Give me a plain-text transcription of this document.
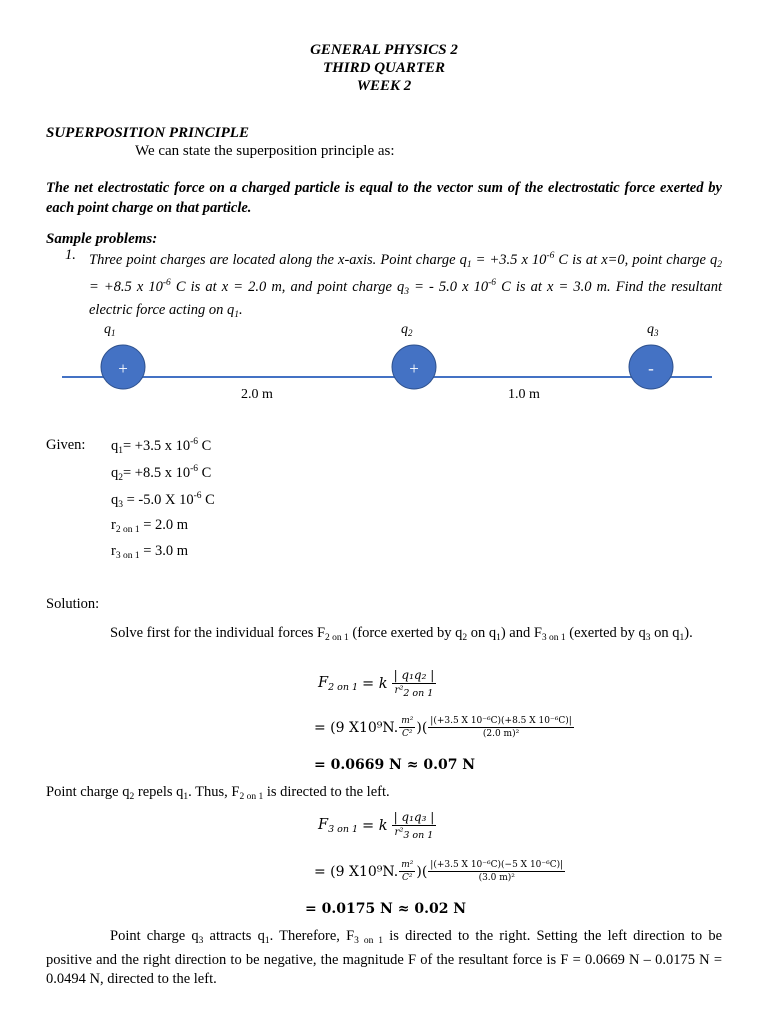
GENERAL PHYSICS 2
THIRD QUARTER
WEEK 2
SUPERPOSITION PRINCIPLE
We can state the superposition principle as:
The net electrostatic force on a charged particle is equal to the vector sum of the electrostatic force exerted by each point charge on that particle.
Sample problems:
1. Three point charges are located along the x-axis. Point charge $q_1 = +3.5$ x $10^{-6}$ C is at x=0, point charge $q_2 = +8.5$ x $10^{-6}$ C is at x = 2.0 m, and point charge $q_3$ = - 5.0 x $10^{-6}$ C is at x = 3.0 m. Find the resultant electric force acting on $q_1$.
$q_1$	$q_2$	$q_3$
+	+	-
2.0 m	1.0 m
Given: $q_1= +3.5$ x $10^{-6}$ C
$q_2= +8.5$ x $10^{-6}$ C
$q_3 = -5.0$ X $10^{-6}$ C
$r_{2 on 1} = 2.0$ m
$r_{3 on 1} = 3.0$ m
Solution:
Solve first for the individual forces $F_{2 on 1}$ (force exerted by $q_2$ on $q_1$) and $F_{3 on 1}$ (exerted by $q_3$ on $q_1$).
$F_{2 on 1} = k \frac{\text{| q₁q₂ |}}{\text{r²2 on 1}}$
= (9 X10⁹N. $\frac{\text{m²}}{\text{C²}}$ )( $\frac{\text{|(+3.5 X 10⁻⁶C)(+8.5 X 10⁻⁶C)|}}{\text{(2.0 m)²}}$
= 0.0669 N ≈ 0.07 N
Point charge $q_2$ repels $q_1$. Thus, $F_{2 on 1}$ is directed to the left.
$F_{3 on 1} = k \frac{\text{| q₁q₃ |}}{\text{r²3 on 1}}$
= (9 X10⁹N. $\frac{\text{m²}}{\text{C²}}$ )( $\frac{\text{|(+3.5 X 10⁻⁶C)(−5 X 10⁻⁶C)|}}{\text{(3.0 m)²}}$
= 0.0175 N ≈ 0.02 N
Point charge $q_3$ attracts $q_1$. Therefore, $F_{3 on 1}$ is directed to the right. Setting the left direction to be positive and the right direction to be negative, the magnitude F of the resultant force is F = 0.0669 N – 0.0175 N = 0.0494 N, directed to the left.
